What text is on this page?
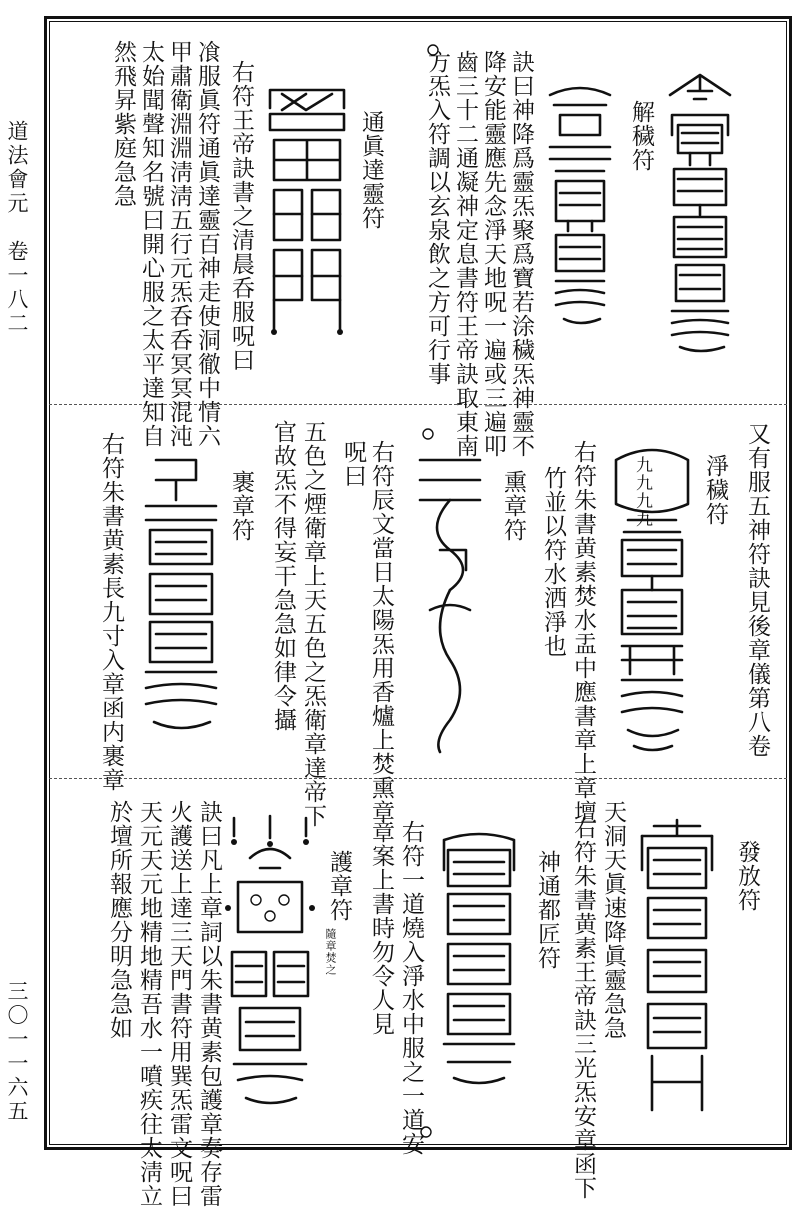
道法會元　卷一八二
三〇一一六五
解穢符
訣曰神降爲靈炁聚爲寶若涂穢炁神靈不
降安能靈應先念淨天地呪一遍或三遍叩
齒三十二通凝神定息書符王帝訣取東南
方炁入符調以玄泉飲之方可行事
通眞達靈符
右符王帝訣書之清晨呑服呪曰
飡服眞符通眞達靈百神走使洞徹中情六
甲肅衛淵淵淸淸五行元炁呑呑冥冥混沌
太始聞聲知名號曰開心服之太平達知自
然飛昇紫庭急急
又有服五神符訣見後章儀第八卷
淨穢符
九九九九
右符朱書黄素焚水盂中應書章上章壇
竹並以符水洒淨也
熏章符
右符辰文當日太陽炁用香爐上焚熏章
呪曰
五色之煙衛章上天五色之炁衛章達帝下
官故炁不得妄干急急如律令攝
裹章符
右符朱書黄素長九寸入章函内裹章
發放符
天洞天眞速降眞靈急急
右符朱書黄素王帝訣三光炁安章函下
神通都匠符
右符一道燒入淨水中服之一道安
章案上書時勿令人見
護章符
隨章焚之
訣曰凡上章詞以朱書黄素包護章奏存雷
火護送上達三天門書符用巽炁雷文呪曰
天元天元地精地精吾水一噴疾往太淸立
於壇所報應分明急急如
